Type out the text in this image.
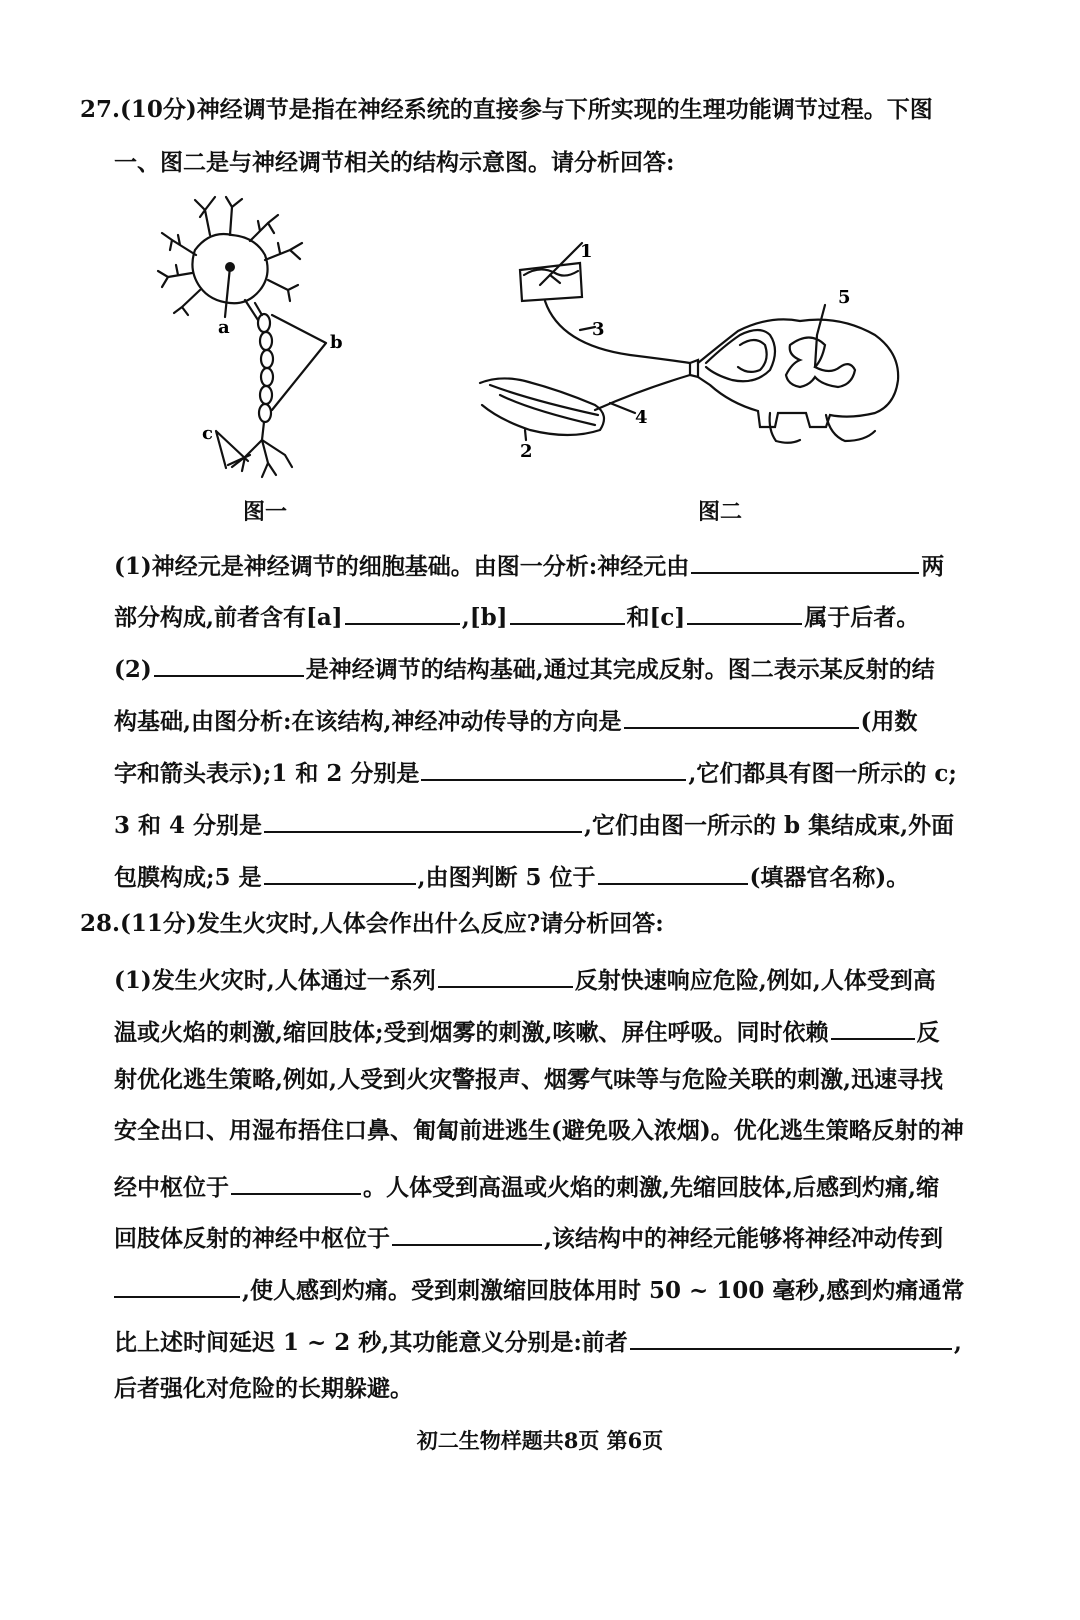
27.(10分)神经调节是指在神经系统的直接参与下所实现的生理功能调节过程。下图
一、图二是与神经调节相关的结构示意图。请分析回答:
a
b
c
图一
1
2
3
4
5
图二
(1)神经元是神经调节的细胞基础。由图一分析:神经元由	两
部分构成,前者含有[a]	,[b]	和[c]	属于后者。
(2)	是神经调节的结构基础,通过其完成反射。图二表示某反射的结
构基础,由图分析:在该结构,神经冲动传导的方向是	(用数
字和箭头表示);1 和 2 分别是	,它们都具有图一所示的 c;
3 和 4 分别是	,它们由图一所示的 b 集结成束,外面
包膜构成;5 是	,由图判断 5 位于	(填器官名称)。
28.(11分)发生火灾时,人体会作出什么反应?请分析回答:
(1)发生火灾时,人体通过一系列	反射快速响应危险,例如,人体受到高
温或火焰的刺激,缩回肢体;受到烟雾的刺激,咳嗽、屏住呼吸。同时依赖	反
射优化逃生策略,例如,人受到火灾警报声、烟雾气味等与危险关联的刺激,迅速寻找
安全出口、用湿布捂住口鼻、匍匐前进逃生(避免吸入浓烟)。优化逃生策略反射的神
经中枢位于	。人体受到高温或火焰的刺激,先缩回肢体,后感到灼痛,缩
回肢体反射的神经中枢位于	,该结构中的神经元能够将神经冲动传到
,使人感到灼痛。受到刺激缩回肢体用时 50 ~ 100 毫秒,感到灼痛通常
比上述时间延迟 1 ~ 2 秒,其功能意义分别是:前者	,
后者强化对危险的长期躲避。
初二生物样题共8页 第6页
